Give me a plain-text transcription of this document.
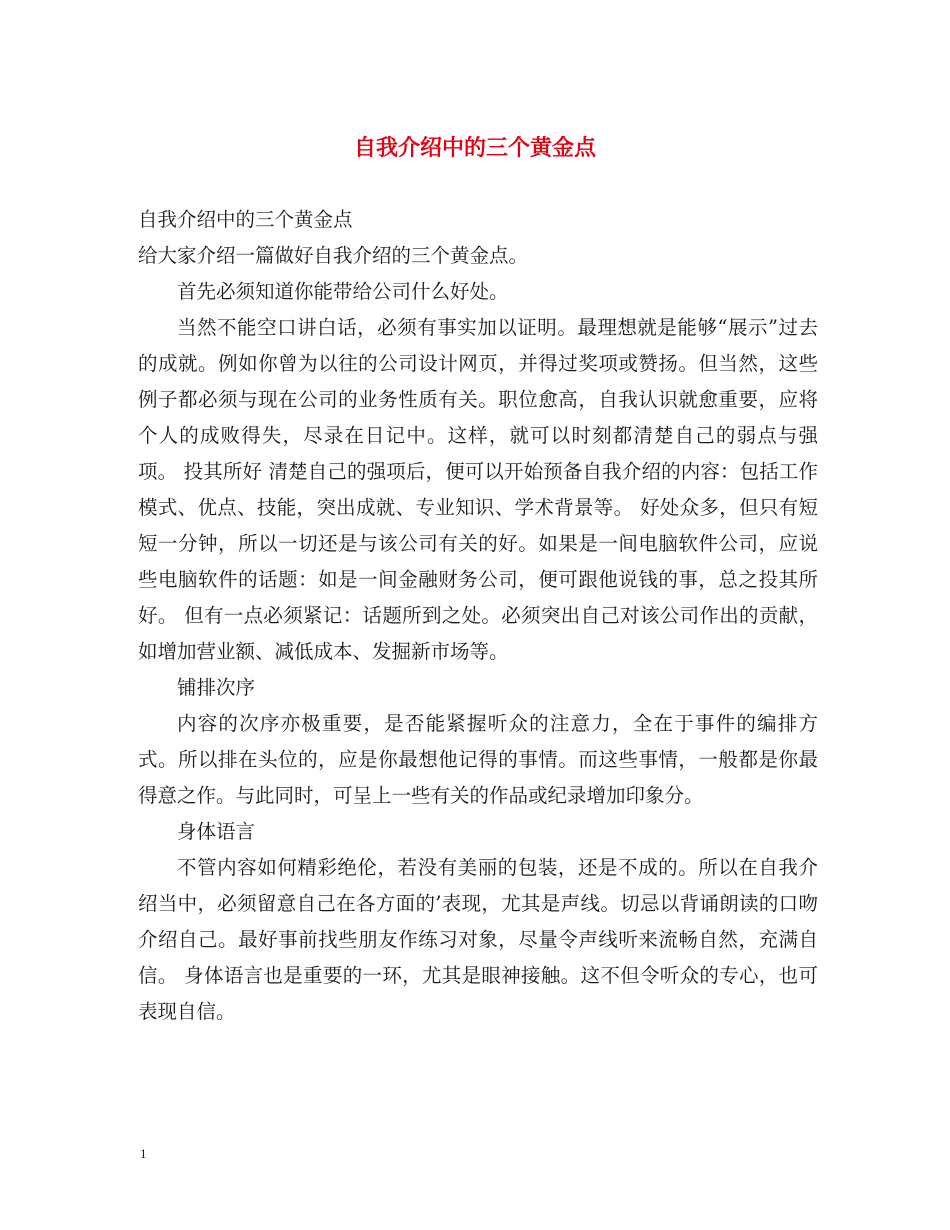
自我介绍中的三个黄金点

自我介绍中的三个黄金点

给大家介绍一篇做好自我介绍的三个黄金点。

首先必须知道你能带给公司什么好处。

当然不能空口讲白话，必须有事实加以证明。最理想就是能够“展示”过去的成就。例如你曾为以往的公司设计网页，并得过奖项或赞扬。但当然，这些例子都必须与现在公司的业务性质有关。职位愈高，自我认识就愈重要，应将个人的成败得失，尽录在日记中。这样，就可以时刻都清楚自己的弱点与强项。 投其所好 清楚自己的强项后，便可以开始预备自我介绍的内容：包括工作模式、优点、技能，突出成就、专业知识、学术背景等。 好处众多，但只有短短一分钟，所以一切还是与该公司有关的好。如果是一间电脑软件公司，应说些电脑软件的话题：如是一间金融财务公司，便可跟他说钱的事，总之投其所好。 但有一点必须紧记：话题所到之处。必须突出自己对该公司作出的贡献，如增加营业额、减低成本、发掘新市场等。

铺排次序

内容的次序亦极重要，是否能紧握听众的注意力，全在于事件的编排方式。所以排在头位的，应是你最想他记得的事情。而这些事情，一般都是你最得意之作。与此同时，可呈上一些有关的作品或纪录增加印象分。

身体语言

不管内容如何精彩绝伦，若没有美丽的包装，还是不成的。所以在自我介绍当中，必须留意自己在各方面的’表现，尤其是声线。切忌以背诵朗读的口吻介绍自己。最好事前找些朋友作练习对象，尽量令声线听来流畅自然，充满自信。 身体语言也是重要的一环，尤其是眼神接触。这不但令听众的专心，也可表现自信。

1
